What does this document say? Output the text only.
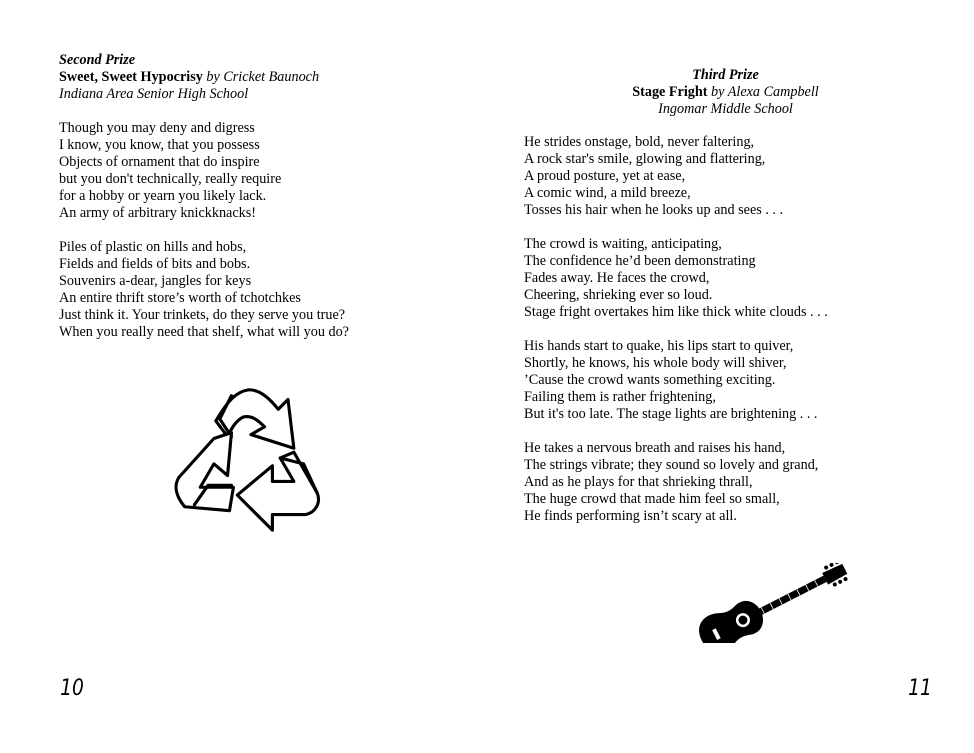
Second Prize
Sweet, Sweet Hypocrisy by Cricket Baunoch
Indiana Area Senior High School
Though you may deny and digress
I know, you know, that you possess
Objects of ornament that do inspire
but you don't technically, really require
for a hobby or yearn you likely lack.
An army of arbitrary knickknacks!
Piles of plastic on hills and hobs,
Fields and fields of bits and bobs.
Souvenirs a-dear, jangles for keys
An entire thrift store’s worth of tchotchkes
Just think it. Your trinkets, do they serve you true?
When you really need that shelf, what will you do?
10
Third Prize
Stage Fright by Alexa Campbell
Ingomar Middle School
He strides onstage, bold, never faltering,
A rock star's smile, glowing and flattering,
A proud posture, yet at ease,
A comic wind, a mild breeze,
Tosses his hair when he looks up and sees . . .
The crowd is waiting, anticipating,
The confidence he’d been demonstrating
Fades away. He faces the crowd,
Cheering, shrieking ever so loud.
Stage fright overtakes him like thick white clouds . . .
His hands start to quake, his lips start to quiver,
Shortly, he knows, his whole body will shiver,
’Cause the crowd wants something exciting.
Failing them is rather frightening,
But it's too late. The stage lights are brightening . . .
He takes a nervous breath and raises his hand,
The strings vibrate; they sound so lovely and grand,
And as he plays for that shrieking thrall,
The huge crowd that made him feel so small,
He finds performing isn’t scary at all.
11
